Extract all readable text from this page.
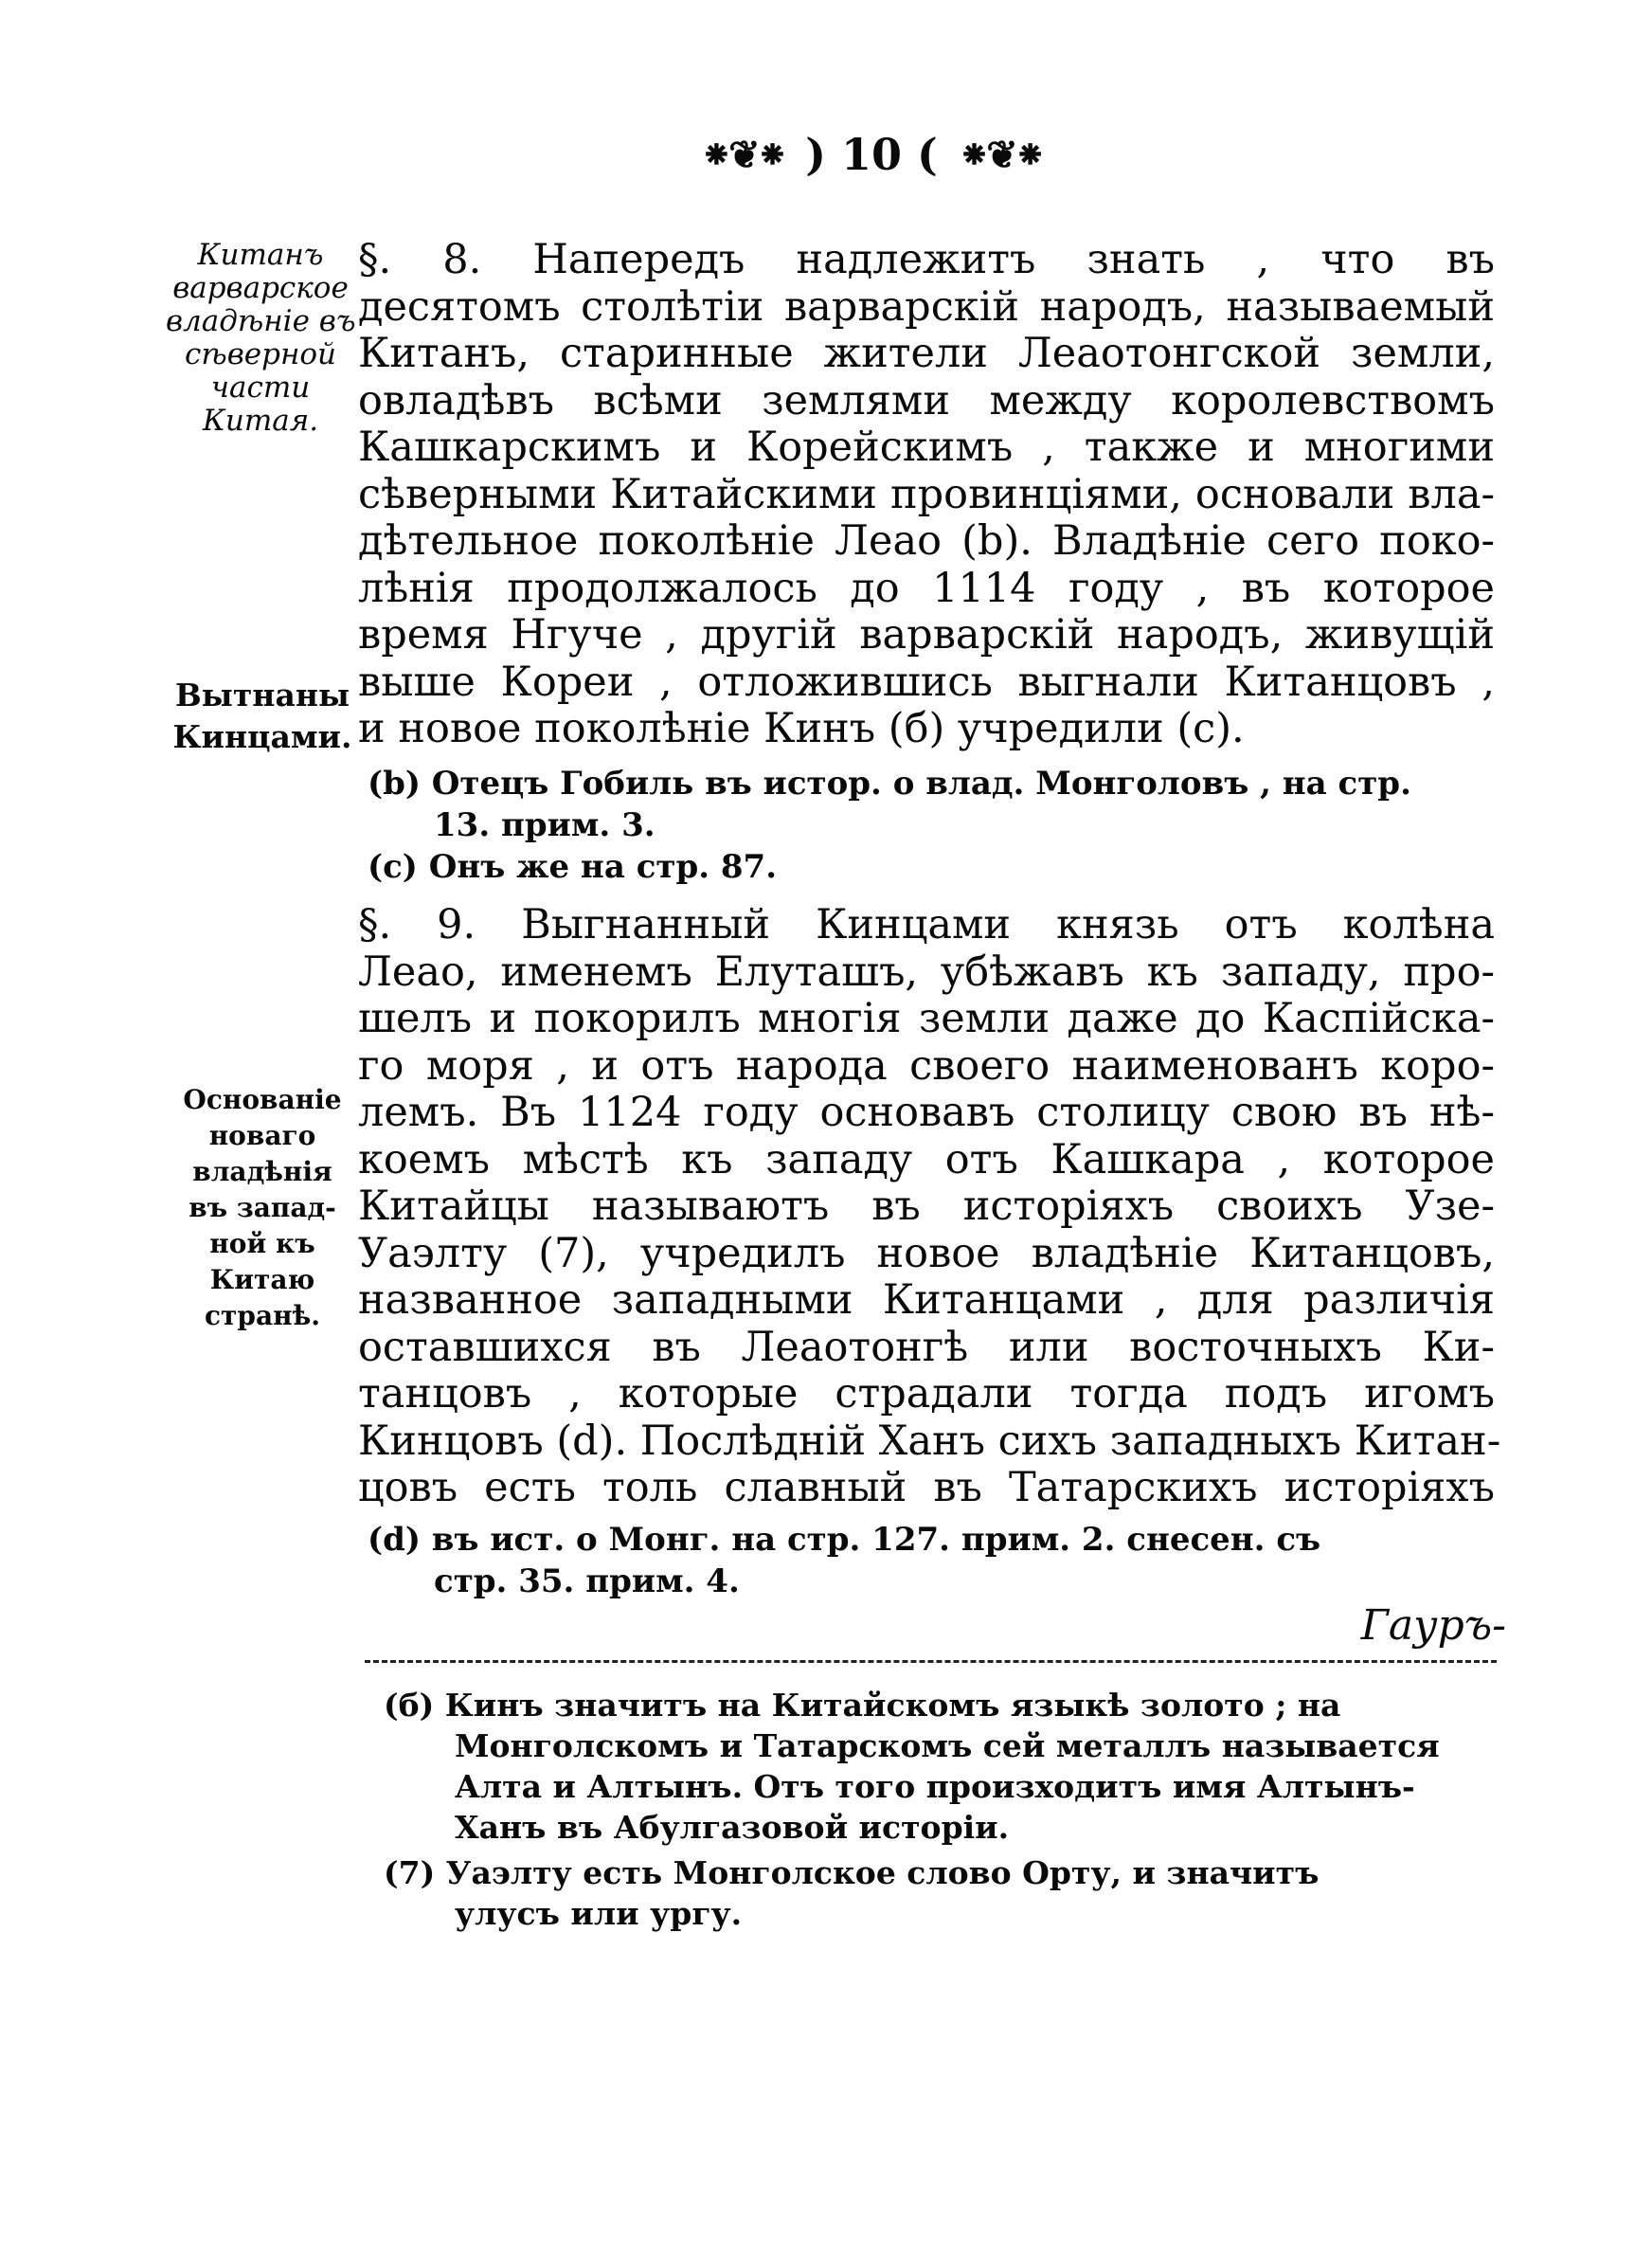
⁕❦⁕ ) 10 ( ⁕❦⁕
Китанъ
варварское
владѣніе въ
сѣверной
части
Китая.
§. 8. Напередъ надлежитъ знать , что въ
десятомъ столѣтіи варварскій народъ, называемый
Китанъ, старинные жители Леаотонгской земли,
овладѣвъ всѣми землями между королевствомъ
Кашкарскимъ и Корейскимъ , также и многими
сѣверными Китайскими провинціями, основали вла-
дѣтельное поколѣніе Леао (b). Владѣніе сего поко-
лѣнія продолжалось до 1114 году , въ которое
время Нгуче , другій варварскій народъ, живущій
выше Кореи , отложившись выгнали Китанцовъ ,
и новое поколѣніе Кинъ (б) учредили (с).
Вытнаны
Кинцами.
(b) Отецъ Гобиль въ истор. о влад. Монголовъ , на стр.
13. прим. 3.
(с) Онъ же на стр. 87.
§. 9. Выгнанный Кинцами князь отъ колѣна
Леао, именемъ Елуташъ, убѣжавъ къ западу, про-
шелъ и покорилъ многія земли даже до Каспійска-
го моря , и отъ народа своего наименованъ коро-
лемъ. Въ 1124 году основавъ столицу свою въ нѣ-
коемъ мѣстѣ къ западу отъ Кашкара , которое
Китайцы называютъ въ исторіяхъ своихъ Узе-
Уаэлту (7), учредилъ новое владѣніе Китанцовъ,
названное западными Китанцами , для различія
оставшихся въ Леаотонгѣ или восточныхъ Ки-
танцовъ , которые страдали тогда подъ игомъ
Кинцовъ (d). Послѣдній Ханъ сихъ западныхъ Китан-
цовъ есть толь славный въ Татарскихъ исторіяхъ
Основаніе
новаго
владѣнія
въ запад-
ной къ
Китаю
странѣ.
(d) въ ист. о Монг. на стр. 127. прим. 2. снесен. съ
стр. 35. прим. 4.
Гауръ-
(б) Кинъ значитъ на Китайскомъ языкѣ золото ; на
Монголскомъ и Татарскомъ сей металлъ называется
Алта и Алтынъ. Отъ того произходитъ имя Алтынъ-
Ханъ въ Абулгазовой исторіи.
(7) Уаэлту есть Монголское слово Орту, и значитъ
улусъ или ургу.
